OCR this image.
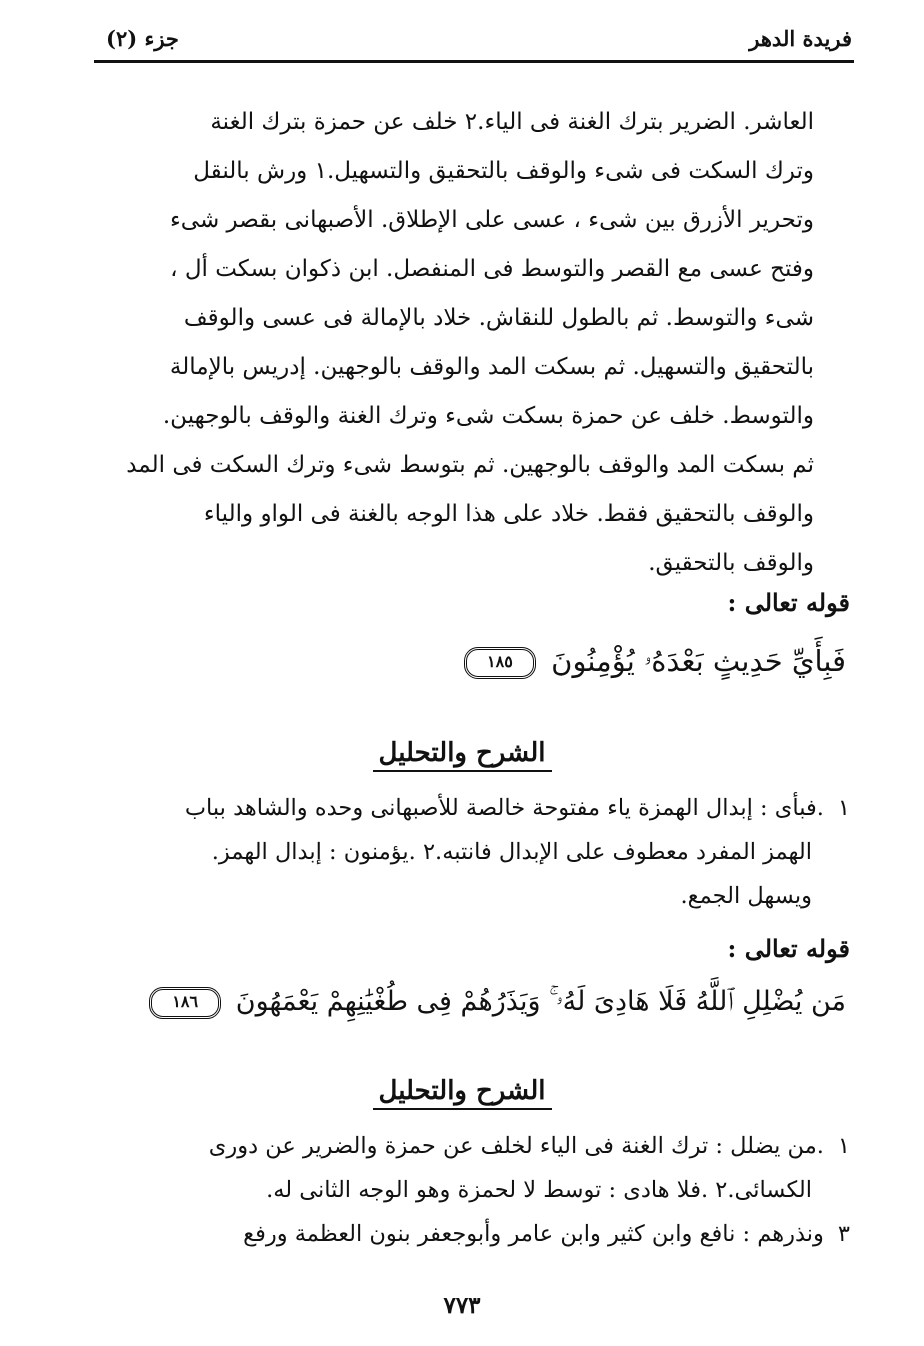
فريدة الدهر
جزء (٢)

العاشر. الضرير بترك الغنة فى الياء.٢ خلف عن حمزة بترك الغنة

وترك السكت فى شىء والوقف بالتحقيق والتسهيل.١ ورش بالنقل

وتحرير الأزرق بين شىء ، عسى على الإطلاق. الأصبهانى بقصر شىء

وفتح عسى مع القصر والتوسط فى المنفصل. ابن ذكوان بسكت أل ،

شىء والتوسط. ثم بالطول للنقاش. خلاد بالإمالة فى عسى والوقف

بالتحقيق والتسهيل. ثم بسكت المد والوقف بالوجهين. إدريس بالإمالة

والتوسط. خلف عن حمزة بسكت شىء وترك الغنة والوقف بالوجهين.

ثم بسكت المد والوقف بالوجهين. ثم بتوسط شىء وترك السكت فى المد

والوقف بالتحقيق فقط. خلاد على هذا الوجه بالغنة فى الواو والياء

والوقف بالتحقيق.

قوله تعالى :
فَبِأَيِّ حَدِيثٍ بَعْدَهُۥ يُؤْمِنُونَ ١٨٥
الشرح والتحليل

١.فبأى : إبدال الهمزة ياء مفتوحة خالصة للأصبهانى وحده والشاهد بباب

الهمز المفرد معطوف على الإبدال فانتبه.٢ .يؤمنون : إبدال الهمز.

ويسهل الجمع.

قوله تعالى :
مَن يُضْلِلِ ٱللَّهُ فَلَا هَادِىَ لَهُۥ ۚ وَيَذَرُهُمْ فِى طُغْيَٰنِهِمْ يَعْمَهُونَ ١٨٦
الشرح والتحليل

١.من يضلل : ترك الغنة فى الياء لخلف عن حمزة والضرير عن دورى

الكسائى.٢ .فلا هادى : توسط لا لحمزة وهو الوجه الثانى له.

٣ونذرهم : نافع وابن كثير وابن عامر وأبوجعفر بنون العظمة ورفع

٧٧٣
